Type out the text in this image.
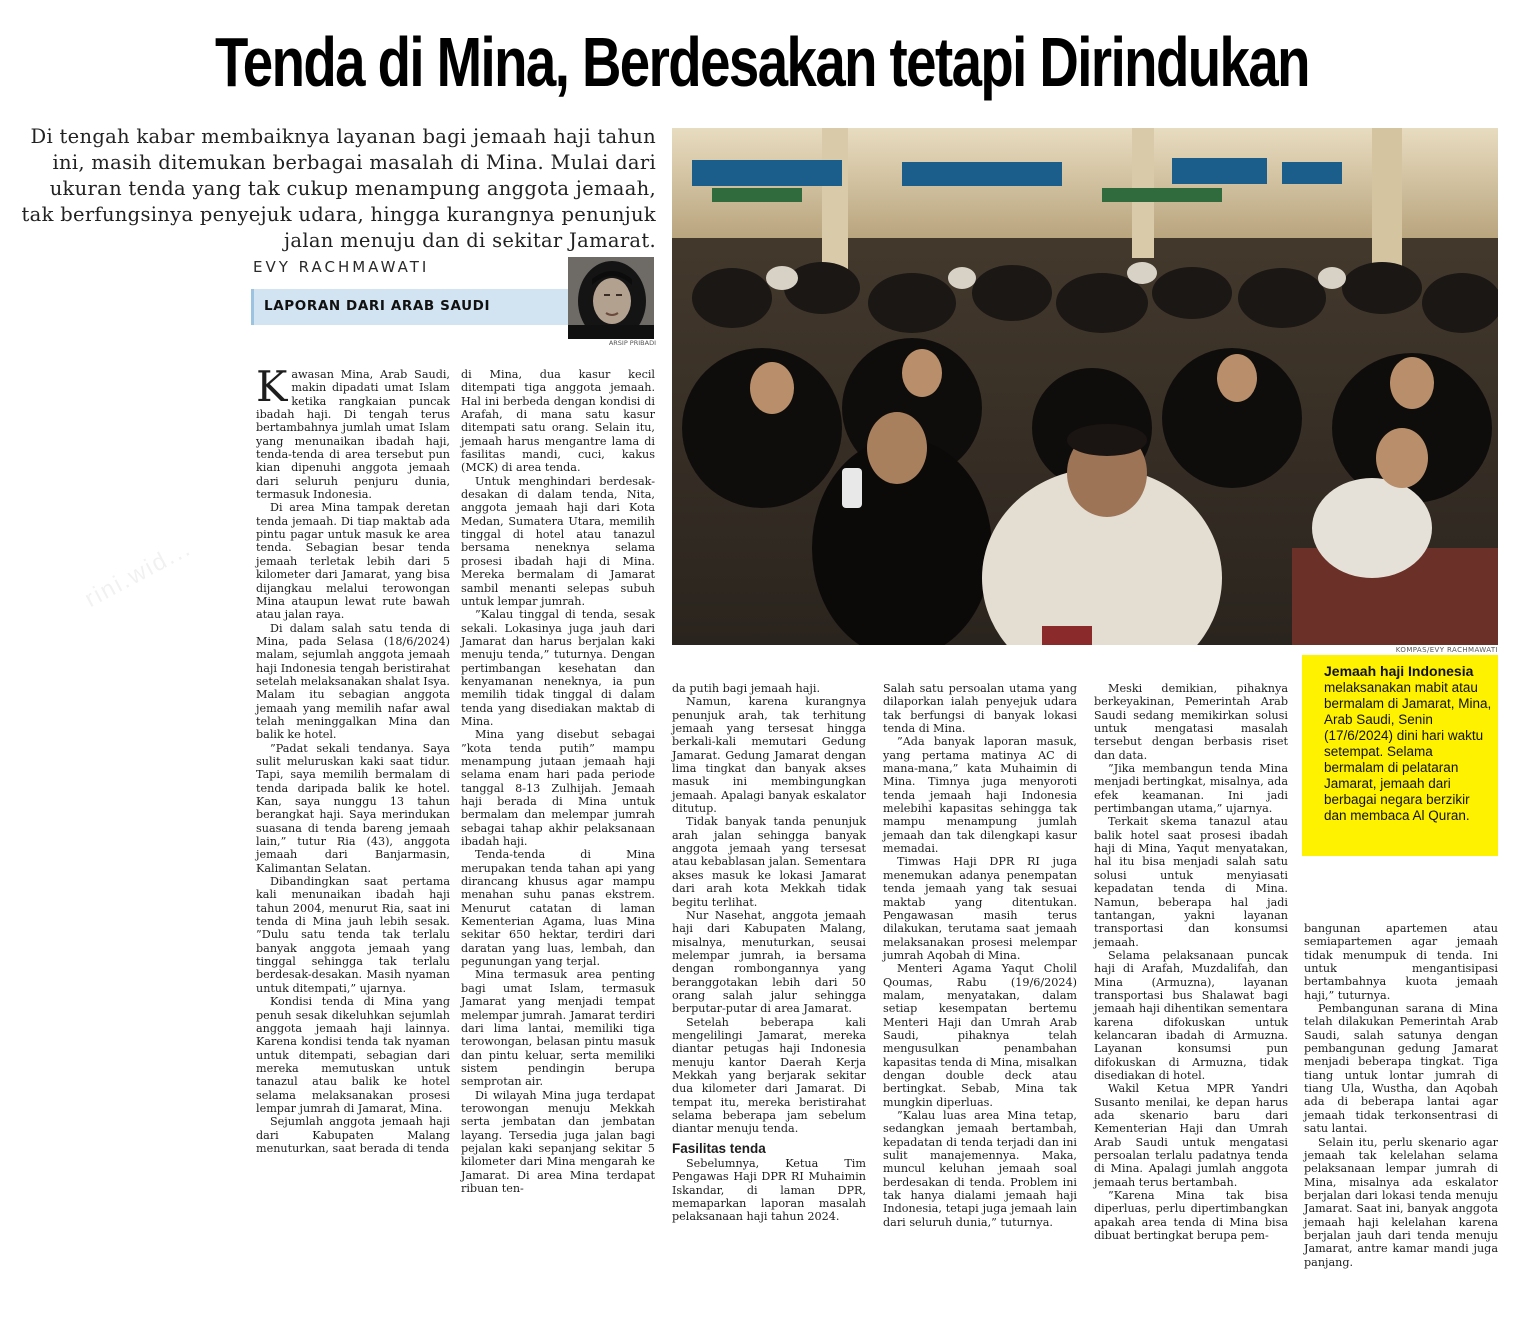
Tenda di Mina, Berdesakan tetapi Dirindukan
Di tengah kabar membaiknya layanan bagi jemaah haji tahun ini, masih ditemukan berbagai masalah di Mina. Mulai dari ukuran tenda yang tak cukup menampung anggota jemaah, tak berfungsinya penyejuk udara, hingga kurangnya penunjuk jalan menuju dan di sekitar Jamarat.
EVY RACHMAWATI
LAPORAN DARI ARAB SAUDI
ARSIP PRIBADI
KOMPAS/EVY RACHMAWATI
Jemaah haji Indonesia
melaksanakan mabit atau bermalam di Jamarat, Mina, Arab Saudi, Senin (17/6/2024) dini hari waktu setempat. Selama bermalam di pelataran Jamarat, jemaah dari berbagai negara berzikir dan membaca Al Quran.
rini.wid...

Kawasan Mina, Arab Saudi, makin dipadati umat Islam ketika rangkaian puncak ibadah haji. Di tengah terus bertambahnya jumlah umat Islam yang menunaikan ibadah haji, tenda-tenda di area tersebut pun kian dipenuhi anggota jemaah dari seluruh penjuru dunia, termasuk Indonesia.

Di area Mina tampak deretan tenda jemaah. Di tiap maktab ada pintu pagar untuk masuk ke area tenda. Sebagian besar tenda jemaah terletak lebih dari 5 kilometer dari Jamarat, yang bisa dijangkau melalui terowongan Mina ataupun lewat rute bawah atau jalan raya.

Di dalam salah satu tenda di Mina, pada Selasa (18/6/2024) malam, sejumlah anggota jemaah haji Indonesia tengah beristirahat setelah melaksanakan shalat Isya. Malam itu sebagian anggota jemaah yang memilih nafar awal telah meninggalkan Mina dan balik ke hotel.

”Padat sekali tendanya. Saya sulit meluruskan kaki saat tidur. Tapi, saya memilih bermalam di tenda daripada balik ke hotel. Kan, saya nunggu 13 tahun berangkat haji. Saya merindukan suasana di tenda bareng jemaah lain,” tutur Ria (43), anggota jemaah dari Banjarmasin, Kalimantan Selatan.

Dibandingkan saat pertama kali menunaikan ibadah haji tahun 2004, menurut Ria, saat ini tenda di Mina jauh lebih sesak. ”Dulu satu tenda tak terlalu banyak anggota jemaah yang tinggal sehingga tak terlalu berdesak-desakan. Masih nyaman untuk ditempati,” ujarnya.

Kondisi tenda di Mina yang penuh sesak dikeluhkan sejumlah anggota jemaah haji lainnya. Karena kondisi tenda tak nyaman untuk ditempati, sebagian dari mereka memutuskan untuk tanazul atau balik ke hotel selama melaksanakan prosesi lempar jumrah di Jamarat, Mina.

Sejumlah anggota jemaah haji dari Kabupaten Malang menuturkan, saat berada di tenda

di Mina, dua kasur kecil ditempati tiga anggota jemaah. Hal ini berbeda dengan kondisi di Arafah, di mana satu kasur ditempati satu orang. Selain itu, jemaah harus mengantre lama di fasilitas mandi, cuci, kakus (MCK) di area tenda.

Untuk menghindari berdesak-desakan di dalam tenda, Nita, anggota jemaah haji dari Kota Medan, Sumatera Utara, memilih tinggal di hotel atau tanazul bersama neneknya selama prosesi ibadah haji di Mina. Mereka bermalam di Jamarat sambil menanti selepas subuh untuk lempar jumrah.

”Kalau tinggal di tenda, sesak sekali. Lokasinya juga jauh dari Jamarat dan harus berjalan kaki menuju tenda,” tuturnya. Dengan pertimbangan kesehatan dan kenyamanan neneknya, ia pun memilih tidak tinggal di dalam tenda yang disediakan maktab di Mina.

Mina yang disebut sebagai ”kota tenda putih” mampu menampung jutaan jemaah haji selama enam hari pada periode tanggal 8-13 Zulhijah. Jemaah haji berada di Mina untuk bermalam dan melempar jumrah sebagai tahap akhir pelaksanaan ibadah haji.

Tenda-tenda di Mina merupakan tenda tahan api yang dirancang khusus agar mampu menahan suhu panas ekstrem. Menurut catatan di laman Kementerian Agama, luas Mina sekitar 650 hektar, terdiri dari daratan yang luas, lembah, dan pegunungan yang terjal.

Mina termasuk area penting bagi umat Islam, termasuk Jamarat yang menjadi tempat melempar jumrah. Jamarat terdiri dari lima lantai, memiliki tiga terowongan, belasan pintu masuk dan pintu keluar, serta memiliki sistem pendingin berupa semprotan air.

Di wilayah Mina juga terdapat terowongan menuju Mekkah serta jembatan dan jembatan layang. Tersedia juga jalan bagi pejalan kaki sepanjang sekitar 5 kilometer dari Mina mengarah ke Jamarat. Di area Mina terdapat ribuan ten-

da putih bagi jemaah haji.

Namun, karena kurangnya penunjuk arah, tak terhitung jemaah yang tersesat hingga berkali-kali memutari Gedung Jamarat. Gedung Jamarat dengan lima tingkat dan banyak akses masuk ini membingungkan jemaah. Apalagi banyak eskalator ditutup.

Tidak banyak tanda penunjuk arah jalan sehingga banyak anggota jemaah yang tersesat atau kebablasan jalan. Sementara akses masuk ke lokasi Jamarat dari arah kota Mekkah tidak begitu terlihat.

Nur Nasehat, anggota jemaah haji dari Kabupaten Malang, misalnya, menuturkan, seusai melempar jumrah, ia bersama dengan rombongannya yang beranggotakan lebih dari 50 orang salah jalur sehingga berputar-putar di area Jamarat.

Setelah beberapa kali mengelilingi Jamarat, mereka diantar petugas haji Indonesia menuju kantor Daerah Kerja Mekkah yang berjarak sekitar dua kilometer dari Jamarat. Di tempat itu, mereka beristirahat selama beberapa jam sebelum diantar menuju tenda.

Fasilitas tenda

Sebelumnya, Ketua Tim Pengawas Haji DPR RI Muhaimin Iskandar, di laman DPR, memaparkan laporan masalah pelaksanaan haji tahun 2024.

Salah satu persoalan utama yang dilaporkan ialah penyejuk udara tak berfungsi di banyak lokasi tenda di Mina.

”Ada banyak laporan masuk, yang pertama matinya AC di mana-mana,” kata Muhaimin di Mina. Timnya juga menyoroti tenda jemaah haji Indonesia melebihi kapasitas sehingga tak mampu menampung jumlah jemaah dan tak dilengkapi kasur memadai.

Timwas Haji DPR RI juga menemukan adanya penempatan tenda jemaah yang tak sesuai maktab yang ditentukan. Pengawasan masih terus dilakukan, terutama saat jemaah melaksanakan prosesi melempar jumrah Aqobah di Mina.

Menteri Agama Yaqut Cholil Qoumas, Rabu (19/6/2024) malam, menyatakan, dalam setiap kesempatan bertemu Menteri Haji dan Umrah Arab Saudi, pihaknya telah mengusulkan penambahan kapasitas tenda di Mina, misalkan dengan double deck atau bertingkat. Sebab, Mina tak mungkin diperluas.

”Kalau luas area Mina tetap, sedangkan jemaah bertambah, kepadatan di tenda terjadi dan ini sulit manajemennya. Maka, muncul keluhan jemaah soal berdesakan di tenda. Problem ini tak hanya dialami jemaah haji Indonesia, tetapi juga jemaah lain dari seluruh dunia,” tuturnya.

Meski demikian, pihaknya berkeyakinan, Pemerintah Arab Saudi sedang memikirkan solusi untuk mengatasi masalah tersebut dengan berbasis riset dan data.

”Jika membangun tenda Mina menjadi bertingkat, misalnya, ada efek keamanan. Ini jadi pertimbangan utama,” ujarnya.

Terkait skema tanazul atau balik hotel saat prosesi ibadah haji di Mina, Yaqut menyatakan, hal itu bisa menjadi salah satu solusi untuk menyiasati kepadatan tenda di Mina. Namun, beberapa hal jadi tantangan, yakni layanan transportasi dan konsumsi jemaah.

Selama pelaksanaan puncak haji di Arafah, Muzdalifah, dan Mina (Armuzna), layanan transportasi bus Shalawat bagi jemaah haji dihentikan sementara karena difokuskan untuk kelancaran ibadah di Armuzna. Layanan konsumsi pun difokuskan di Armuzna, tidak disediakan di hotel.

Wakil Ketua MPR Yandri Susanto menilai, ke depan harus ada skenario baru dari Kementerian Haji dan Umrah Arab Saudi untuk mengatasi persoalan terlalu padatnya tenda di Mina. Apalagi jumlah anggota jemaah terus bertambah.

”Karena Mina tak bisa diperluas, perlu dipertimbangkan apakah area tenda di Mina bisa dibuat bertingkat berupa pem-

bangunan apartemen atau semiapartemen agar jemaah tidak menumpuk di tenda. Ini untuk mengantisipasi bertambahnya kuota jemaah haji,” tuturnya.

Pembangunan sarana di Mina telah dilakukan Pemerintah Arab Saudi, salah satunya dengan pembangunan gedung Jamarat menjadi beberapa tingkat. Tiga tiang untuk lontar jumrah di tiang Ula, Wustha, dan Aqobah ada di beberapa lantai agar jemaah tidak terkonsentrasi di satu lantai.

Selain itu, perlu skenario agar jemaah tak kelelahan selama pelaksanaan lempar jumrah di Mina, misalnya ada eskalator berjalan dari lokasi tenda menuju Jamarat. Saat ini, banyak anggota jemaah haji kelelahan karena berjalan jauh dari tenda menuju Jamarat, antre kamar mandi juga panjang.
